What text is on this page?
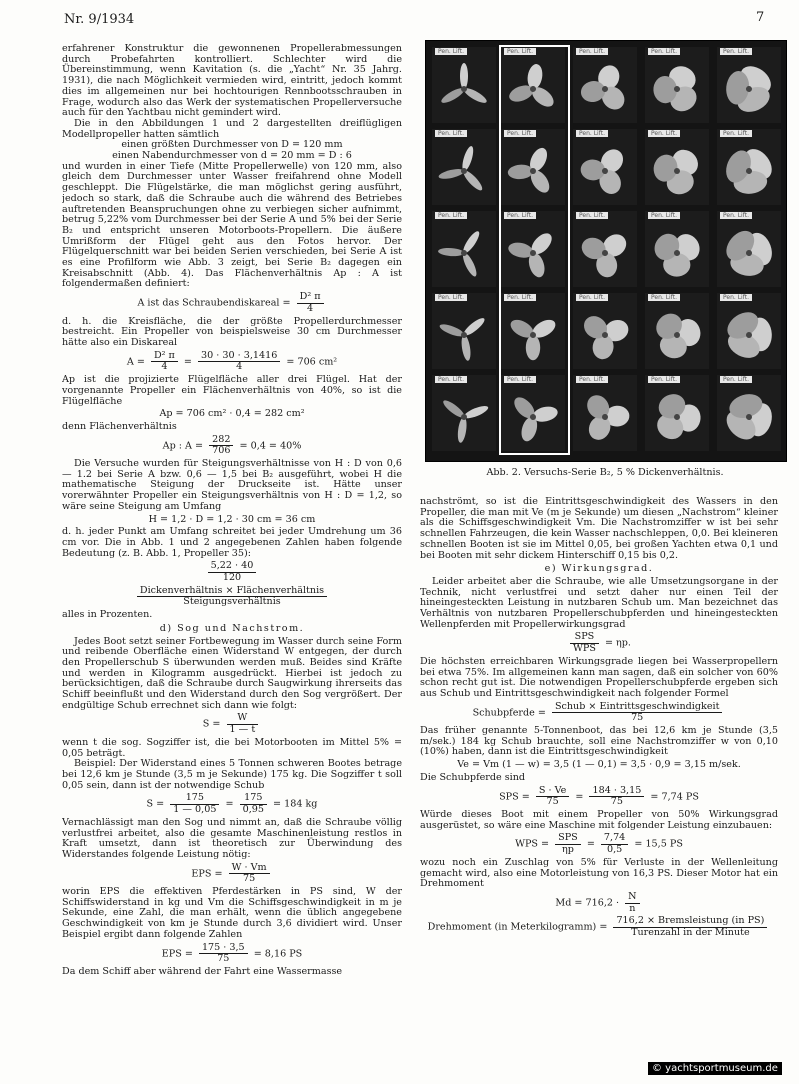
Nr. 9/1934	7

erfahrener Konstruktur die gewonnenen Propellerabmessungen durch Probefahrten kontrolliert. Schlechter wird die Übereinstimmung, wenn Kavitation (s. die „Yacht“ Nr. 35 Jahrg. 1931), die nach Möglichkeit vermieden wird, eintritt, jedoch kommt dies im allgemeinen nur bei hochtourigen Rennbootsschrauben in Frage, wodurch also das Werk der systematischen Propellerversuche auch für den Yachtbau nicht gemindert wird.

Die in den Abbildungen 1 und 2 dargestellten dreiflügligen Modellpropeller hatten sämtlich

einen größten Durchmesser von D = 120 mm

einen Nabendurchmesser von d = 20 mm = D : 6

und wurden in einer Tiefe (Mitte Propellerwelle) von 120 mm, also gleich dem Durchmesser unter Wasser freifahrend ohne Modell geschleppt. Die Flügelstärke, die man möglichst gering ausführt, jedoch so stark, daß die Schraube auch die während des Betriebes auftretenden Beanspruchungen ohne zu verbiegen sicher aufnimmt, betrug 5,22% vom Durchmesser bei der Serie A und 5% bei der Serie B₂ und entspricht unseren Motorboots-Propellern. Die äußere Umrißform der Flügel geht aus den Fotos hervor. Der Flügelquerschnitt war bei beiden Serien verschieden, bei Serie A ist es eine Profilform wie Abb. 3 zeigt, bei Serie B₂ dagegen ein Kreisabschnitt (Abb. 4). Das Flächenverhältnis Ap : A ist folgendermaßen definiert:

A ist das Schraubendiskareal = $\frac{\text{D² π}}{4}$

d. h. die Kreisfläche, die der größte Propellerdurchmesser bestreicht. Ein Propeller von beispielsweise 30 cm Durchmesser hätte also ein Diskareal

$A = \frac{\text{D² π}}{4} = \frac{30 \cdot 30 \cdot 3,1416}{4} = 706$ cm²

Ap ist die projizierte Flügelfläche aller drei Flügel. Hat der vorgenannte Propeller ein Flächenverhältnis von 40%, so ist die Flügelfläche

Ap = 706 cm² · 0,4 = 282 cm²

denn Flächenverhältnis

Ap : $A = \frac{282}{706} = 0,4 = 40\%$

Die Versuche wurden für Steigungsverhältnisse von H : D von 0,6 — 1.2 bei Serie A bzw. 0,6 — 1,5 bei B₂ ausgeführt, wobei H die mathematische Steigung der Druckseite ist. Hätte unser vorerwähnter Propeller ein Steigungsverhältnis von H : D = 1,2, so wäre seine Steigung am Umfang

H = 1,2 · D = 1,2 · 30 cm = 36 cm

d. h. jeder Punkt am Umfang schreitet bei jeder Umdrehung um 36 cm vor. Die in Abb. 1 und 2 angegebenen Zahlen haben folgende Bedeutung (z. B. Abb. 1, Propeller 35):

$\frac{5,22 \cdot 40}{120}$
$\frac{\text{Dickenverhältnis × Flächenverhältnis}}{\text{Steigungsverhältnis}}$

alles in Prozenten.

d) Sog und Nachstrom.

Jedes Boot setzt seiner Fortbewegung im Wasser durch seine Form und reibende Oberfläche einen Widerstand W entgegen, der durch den Propellerschub S überwunden werden muß. Beides sind Kräfte und werden in Kilogramm ausgedrückt. Hierbei ist jedoch zu berücksichtigen, daß die Schraube durch Saugwirkung ihrerseits das Schiff beeinflußt und den Widerstand durch den Sog vergrößert. Der endgültige Schub errechnet sich dann wie folgt:

$S = \frac{W}{1 — t}$

wenn t die sog. Sogziffer ist, die bei Motorbooten im Mittel 5% = 0,05 beträgt.

Beispiel: Der Widerstand eines 5 Tonnen schweren Bootes betrage bei 12,6 km je Stunde (3,5 m je Sekunde) 175 kg. Die Sogziffer t soll 0,05 sein, dann ist der notwendige Schub

$S = \frac{175}{1 — 0,05} = \frac{175}{0,95} = 184$ kg

Vernachlässigt man den Sog und nimmt an, daß die Schraube völlig verlustfrei arbeitet, also die gesamte Maschinenleistung restlos in Kraft umsetzt, dann ist theoretisch zur Überwindung des Widerstandes folgende Leistung nötig:

EPS = $\frac{W \cdot Vm}{75}$

worin EPS die effektiven Pferdestärken in PS sind, W der Schiffswiderstand in kg und Vm die Schiffsgeschwindigkeit in m je Sekunde, eine Zahl, die man erhält, wenn die üblich angegebene Geschwindigkeit von km je Stunde durch 3,6 dividiert wird. Unser Beispiel ergibt dann folgende Zahlen

EPS = $\frac{175 \cdot 3,5}{75} = 8,16$ PS

Da dem Schiff aber während der Fahrt eine Wassermasse

Pen. Lift.	Pen. Lift.	Pen. Lift.	Pen. Lift.	Pen. Lift.
Pen. Lift.	Pen. Lift.	Pen. Lift.	Pen. Lift.	Pen. Lift.
Pen. Lift.	Pen. Lift.	Pen. Lift.	Pen. Lift.	Pen. Lift.
Pen. Lift.	Pen. Lift.	Pen. Lift.	Pen. Lift.	Pen. Lift.
Pen. Lift.	Pen. Lift.	Pen. Lift.	Pen. Lift.	Pen. Lift.
Abb. 2. Versuchs-Serie B₂, 5 % Dickenverhältnis.

nachströmt, so ist die Eintrittsgeschwindigkeit des Wassers in den Propeller, die man mit Ve (m je Sekunde) um diesen „Nachstrom“ kleiner als die Schiffsgeschwindigkeit Vm. Die Nachstromziffer w ist bei sehr schnellen Fahrzeugen, die kein Wasser nachschleppen, 0,0. Bei kleineren schnellen Booten ist sie im Mittel 0,05, bei großen Yachten etwa 0,1 und bei Booten mit sehr dickem Hinterschiff 0,15 bis 0,2.

e) Wirkungsgrad.

Leider arbeitet aber die Schraube, wie alle Umsetzungsorgane in der Technik, nicht verlustfrei und setzt daher nur einen Teil der hineingesteckten Leistung in nutzbaren Schub um. Man bezeichnet das Verhältnis von nutzbaren Propellerschubpferden und hineingesteckten Wellenpferden mit Propellerwirkungsgrad

$\frac{\text{SPS}}{\text{WPS}} = \eta p$.

Die höchsten erreichbaren Wirkungsgrade liegen bei Wasserpropellern bei etwa 75%. Im allgemeinen kann man sagen, daß ein solcher von 60% schon recht gut ist. Die notwendigen Propellerschubpferde ergeben sich aus Schub und Eintrittsgeschwindigkeit nach folgender Formel

Schubpferde = $\frac{\text{Schub × Eintrittsgeschwindigkeit}}{75}$

Das früher genannte 5-Tonnenboot, das bei 12,6 km je Stunde (3,5 m/sek.) 184 kg Schub brauchte, soll eine Nachstromziffer w von 0,10 (10%) haben, dann ist die Eintrittsgeschwindigkeit

Ve = Vm (1 — w) = 3,5 (1 — 0,1) = 3,5 · 0,9 = 3,15 m/sek.

Die Schubpferde sind

SPS = $\frac{S \cdot Ve}{75} = \frac{184 \cdot 3,15}{75} = 7,74$ PS

Würde dieses Boot mit einem Propeller von 50% Wirkungsgrad ausgerüstet, so wäre eine Maschine mit folgender Leistung einzubauen:

WPS = $\frac{\text{SPS}}{\eta p} = \frac{7,74}{0,5} = 15,5$ PS

wozu noch ein Zuschlag von 5% für Verluste in der Wellenleitung gemacht wird, also eine Motorleistung von 16,3 PS. Dieser Motor hat ein Drehmoment

$Md = 716,2 \cdot \frac{N}{n}$
Drehmoment (in Meterkilogramm) = $\frac{\text{716,2 × Bremsleistung (in PS)}}{\text{Turenzahl in der Minute}}$
© yachtsportmuseum.de
